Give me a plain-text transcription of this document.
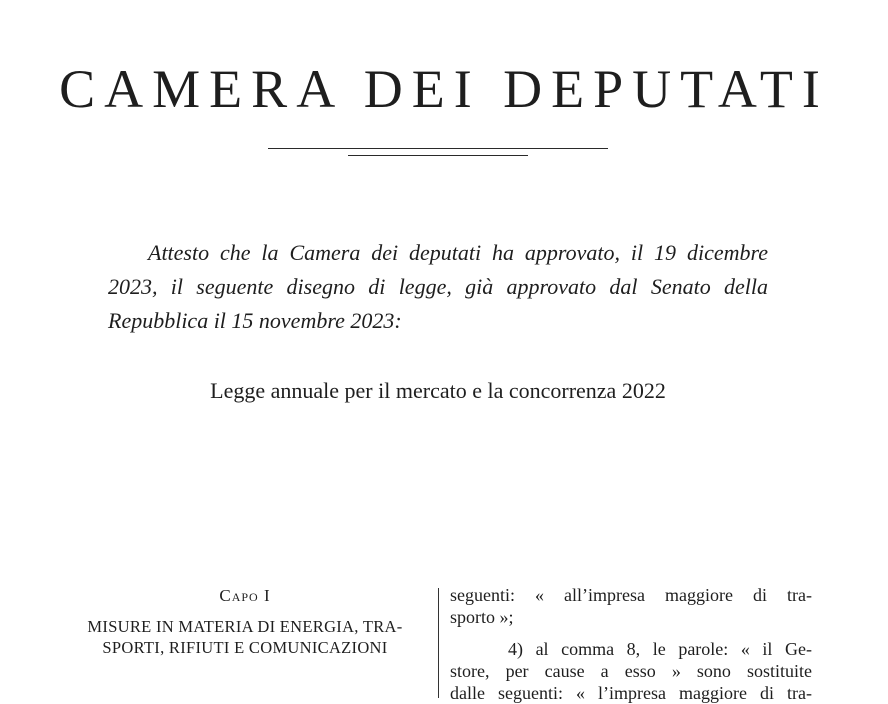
CAMERA DEI DEPUTATI
Attesto che la Camera dei deputati ha approvato, il 19 dicembre
2023, il seguente disegno di legge, già approvato dal Senato della
Repubblica il 15 novembre 2023:
Legge annuale per il mercato e la concorrenza 2022
Capo I
MISURE IN MATERIA DI ENERGIA, TRA-
SPORTI, RIFIUTI E COMUNICAZIONI
seguenti: « all’impresa maggiore di tra-
sporto »;
4) al comma 8, le parole: « il Ge-
store, per cause a esso » sono sostituite
dalle seguenti: « l’impresa maggiore di tra-
